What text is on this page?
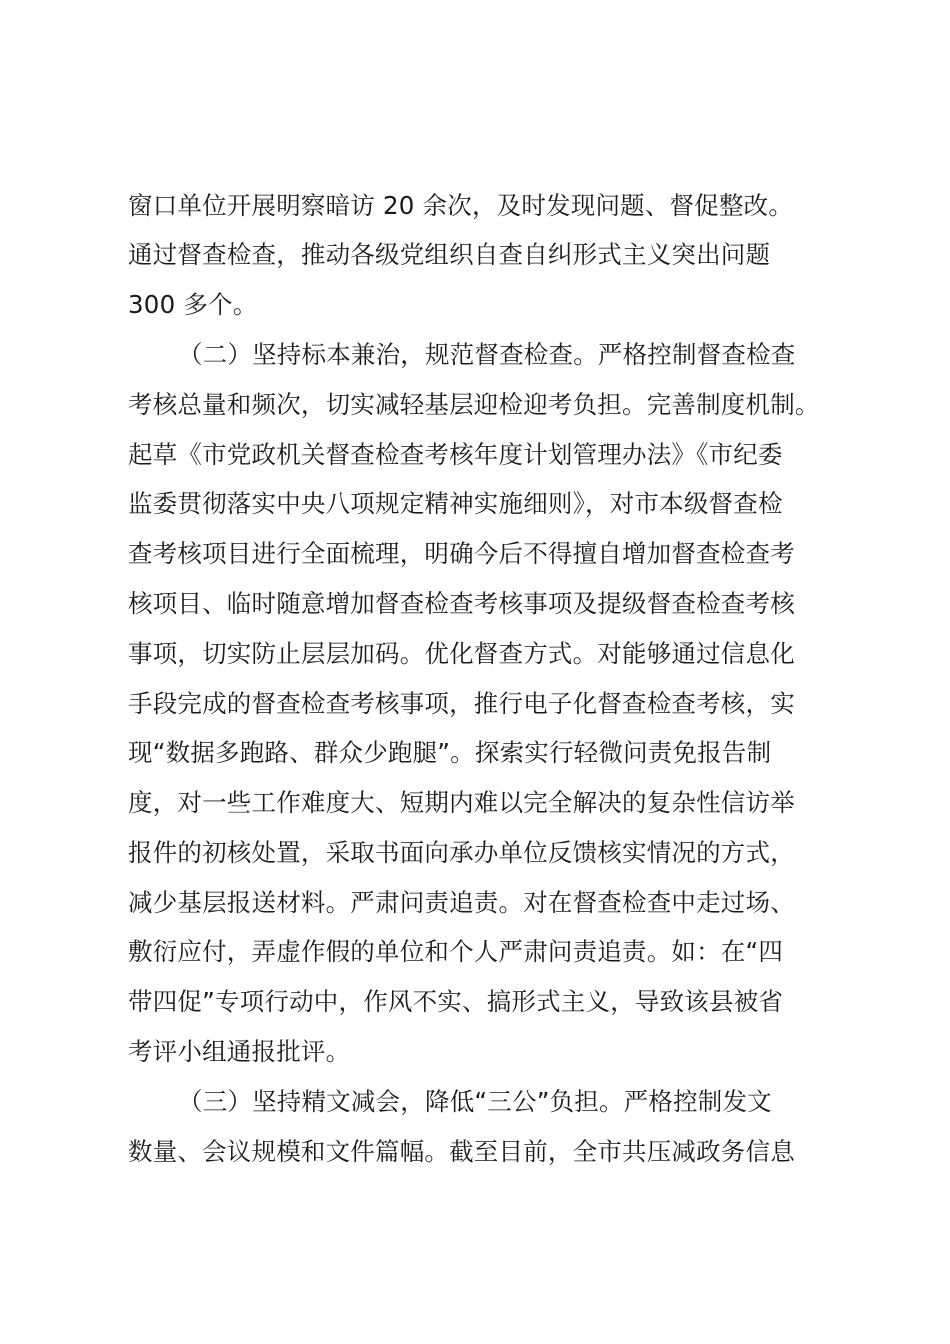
窗口单位开展明察暗访 20 余次，及时发现问题、督促整改。
通过督查检查，推动各级党组织自查自纠形式主义突出问题
300 多个。
（二）坚持标本兼治，规范督查检查。严格控制督查检查
考核总量和频次，切实减轻基层迎检迎考负担。完善制度机制。
起草《市党政机关督查检查考核年度计划管理办法》《市纪委
监委贯彻落实中央八项规定精神实施细则》，对市本级督查检
查考核项目进行全面梳理，明确今后不得擅自增加督查检查考
核项目、临时随意增加督查检查考核事项及提级督查检查考核
事项，切实防止层层加码。优化督查方式。对能够通过信息化
手段完成的督查检查考核事项，推行电子化督查检查考核，实
现“数据多跑路、群众少跑腿”。探索实行轻微问责免报告制
度，对一些工作难度大、短期内难以完全解决的复杂性信访举
报件的初核处置，采取书面向承办单位反馈核实情况的方式，
减少基层报送材料。严肃问责追责。对在督查检查中走过场、
敷衍应付，弄虚作假的单位和个人严肃问责追责。如：在“四
带四促”专项行动中，作风不实、搞形式主义，导致该县被省
考评小组通报批评。
（三）坚持精文减会，降低“三公”负担。严格控制发文
数量、会议规模和文件篇幅。截至目前，全市共压减政务信息
